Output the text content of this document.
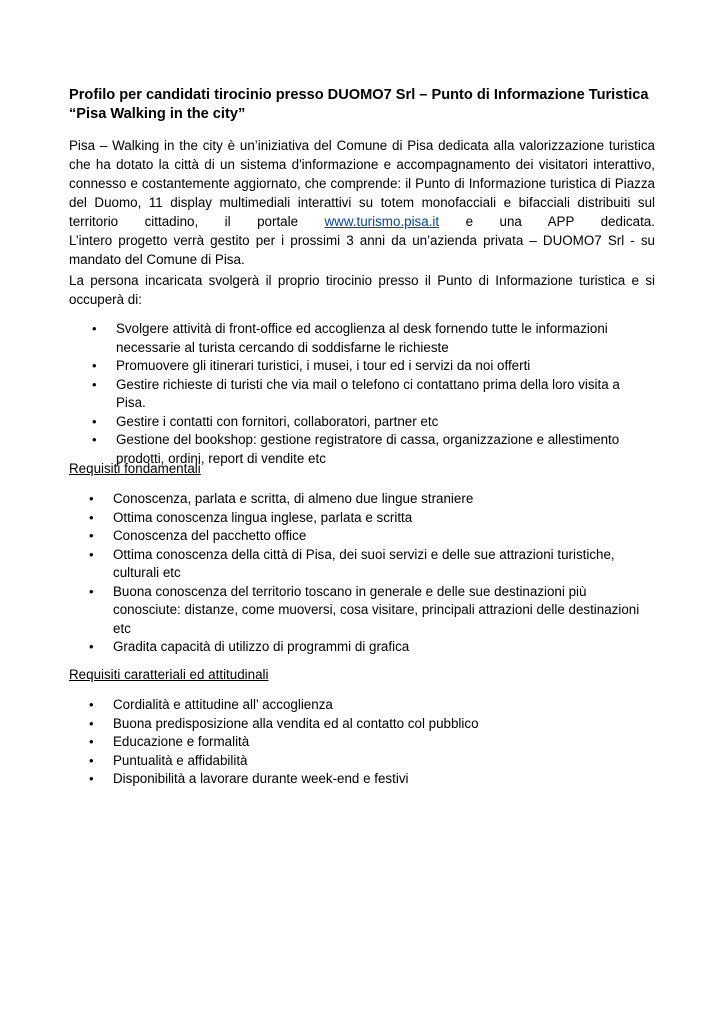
Profilo per candidati tirocinio presso DUOMO7 Srl – Punto di Informazione Turistica
“Pisa Walking in the city”
Pisa – Walking in the city è un’iniziativa del Comune di Pisa dedicata alla valorizzazione turistica
che ha dotato la città di un sistema d'informazione e accompagnamento dei visitatori interattivo,
connesso e costantemente aggiornato, che comprende: il Punto di Informazione turistica di Piazza
del Duomo, 11 display multimediali interattivi su totem monofacciali e bifacciali distribuiti sul
territorio cittadino, il portale www.turismo.pisa.it e una APP dedicata.
L’intero progetto verrà gestito per i prossimi 3 anni da un’azienda privata – DUOMO7 Srl - su
mandato del Comune di Pisa.
La persona incaricata svolgerà il proprio tirocinio presso il Punto di Informazione turistica e si
occuperà di:
• Svolgere attività di front-office ed accoglienza al desk fornendo tutte le informazioni necessarie al turista cercando di soddisfarne le richieste
• Promuovere gli itinerari turistici, i musei, i tour ed i servizi da noi offerti
• Gestire richieste di turisti che via mail o telefono ci contattano prima della loro visita a Pisa.
• Gestire i contatti con fornitori, collaboratori, partner etc
• Gestione del bookshop: gestione registratore di cassa, organizzazione e allestimento prodotti, ordini, report di vendite etc

Requisiti fondamentali

• Conoscenza, parlata e scritta, di almeno due lingue straniere
• Ottima conoscenza lingua inglese, parlata e scritta
• Conoscenza del pacchetto office
• Ottima conoscenza della città di Pisa, dei suoi servizi e delle sue attrazioni turistiche, culturali etc
• Buona conoscenza del territorio toscano in generale e delle sue destinazioni più conosciute: distanze, come muoversi, cosa visitare, principali attrazioni delle destinazioni etc
• Gradita capacità di utilizzo di programmi di grafica

Requisiti caratteriali ed attitudinali

• Cordialità e attitudine all’ accoglienza
• Buona predisposizione alla vendita ed al contatto col pubblico
• Educazione e formalità
• Puntualità e affidabilità
• Disponibilità a lavorare durante week-end e festivi
